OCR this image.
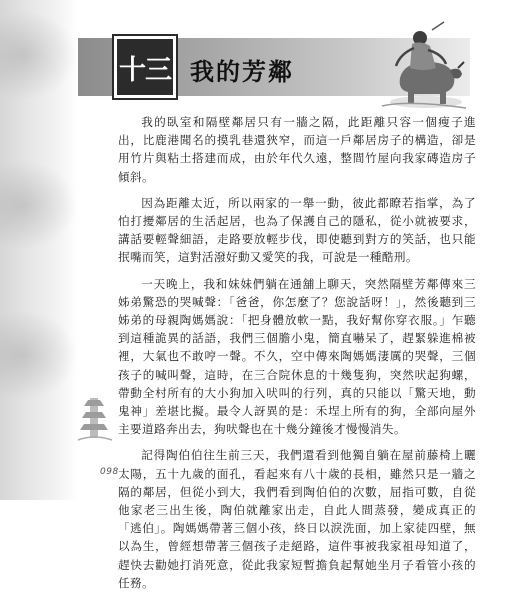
十三 我的芳鄰

我的臥室和隔壁鄰居只有一牆之隔，此距離只容一個瘦子進出，比鹿港聞名的摸乳巷還狹窄，而這一戶鄰居房子的構造，卻是用竹片與粘土搭建而成，由於年代久遠，整間竹屋向我家磚造房子傾斜。

因為距離太近，所以兩家的一舉一動，彼此都瞭若指掌，為了怕打擾鄰居的生活起居，也為了保護自己的隱私，從小就被要求，講話要輕聲細語，走路要放輕步伐，即使聽到對方的笑話，也只能抿嘴而笑，這對活潑好動又愛笑的我，可說是一種酷刑。

一天晚上，我和妹妹們躺在通舖上聊天，突然隔壁芳鄰傳來三姊弟驚恐的哭喊聲：「爸爸，你怎麼了？您說話呀！」，然後聽到三姊弟的母親陶媽媽說：「把身體放軟一點，我好幫你穿衣服。」乍聽到這種詭異的話語，我們三個膽小鬼，簡直嚇呆了，趕緊躲進棉被裡，大氣也不敢哼一聲。不久，空中傳來陶媽媽淒厲的哭聲，三個孩子的喊叫聲，這時，在三合院休息的十幾隻狗，突然吠起狗螺，帶動全村所有的大小狗加入吠叫的行列，真的只能以「驚天地，動鬼神」差堪比擬。最令人訝異的是：禾埕上所有的狗，全部向屋外主要道路奔出去，狗吠聲也在十幾分鐘後才慢慢消失。

記得陶伯伯往生前三天，我們還看到他獨自躺在屋前藤椅上曬太陽，五十九歲的面孔，看起來有八十歲的長相，雖然只是一牆之隔的鄰居，但從小到大，我們看到陶伯伯的次數，屈指可數，自從他家老三出生後，陶伯就離家出走，自此人間蒸發，變成真正的「逃伯」。陶媽媽帶著三個小孩，終日以淚洗面，加上家徒四壁，無以為生，曾經想帶著三個孩子走絕路，這件事被我家祖母知道了，趕快去勸她打消死意，從此我家短暫擔負起幫她坐月子看管小孩的任務。

098
